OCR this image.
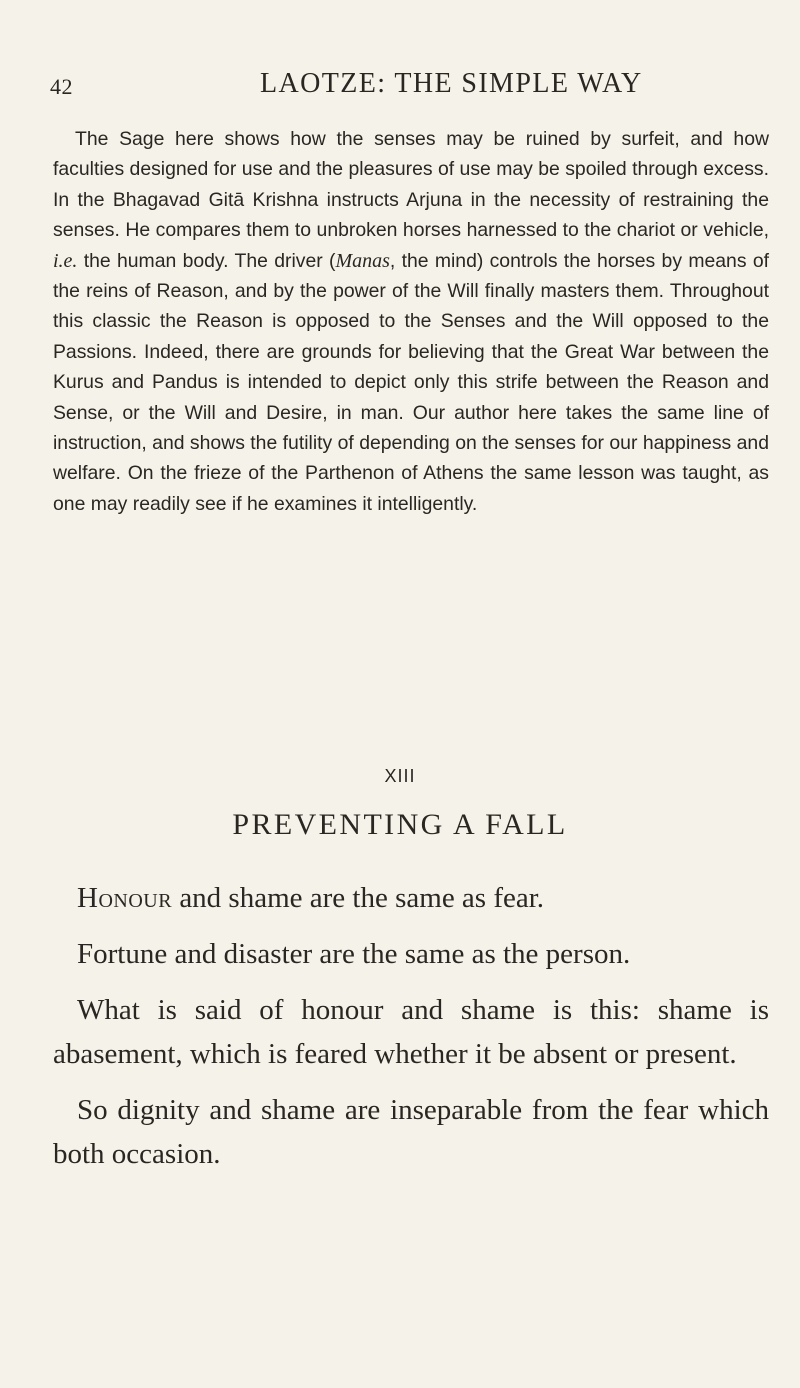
42	LAOTZE: THE SIMPLE WAY

The Sage here shows how the senses may be ruined by surfeit, and how faculties designed for use and the pleasures of use may be spoiled through excess. In the Bhagavad Gitā Krishna instructs Arjuna in the necessity of restraining the senses. He compares them to unbroken horses harnessed to the chariot or vehicle, i.e. the human body. The driver (Manas, the mind) controls the horses by means of the reins of Reason, and by the power of the Will finally masters them. Throughout this classic the Reason is opposed to the Senses and the Will opposed to the Passions. Indeed, there are grounds for believing that the Great War between the Kurus and Pandus is intended to depict only this strife between the Reason and Sense, or the Will and Desire, in man. Our author here takes the same line of instruction, and shows the futility of depending on the senses for our happiness and welfare. On the frieze of the Parthenon of Athens the same lesson was taught, as one may readily see if he examines it intelligently.

XIII
PREVENTING A FALL

Honour and shame are the same as fear.

Fortune and disaster are the same as the person.

What is said of honour and shame is this: shame is abasement, which is feared whether it be absent or present.

So dignity and shame are inseparable from the fear which both occasion.
